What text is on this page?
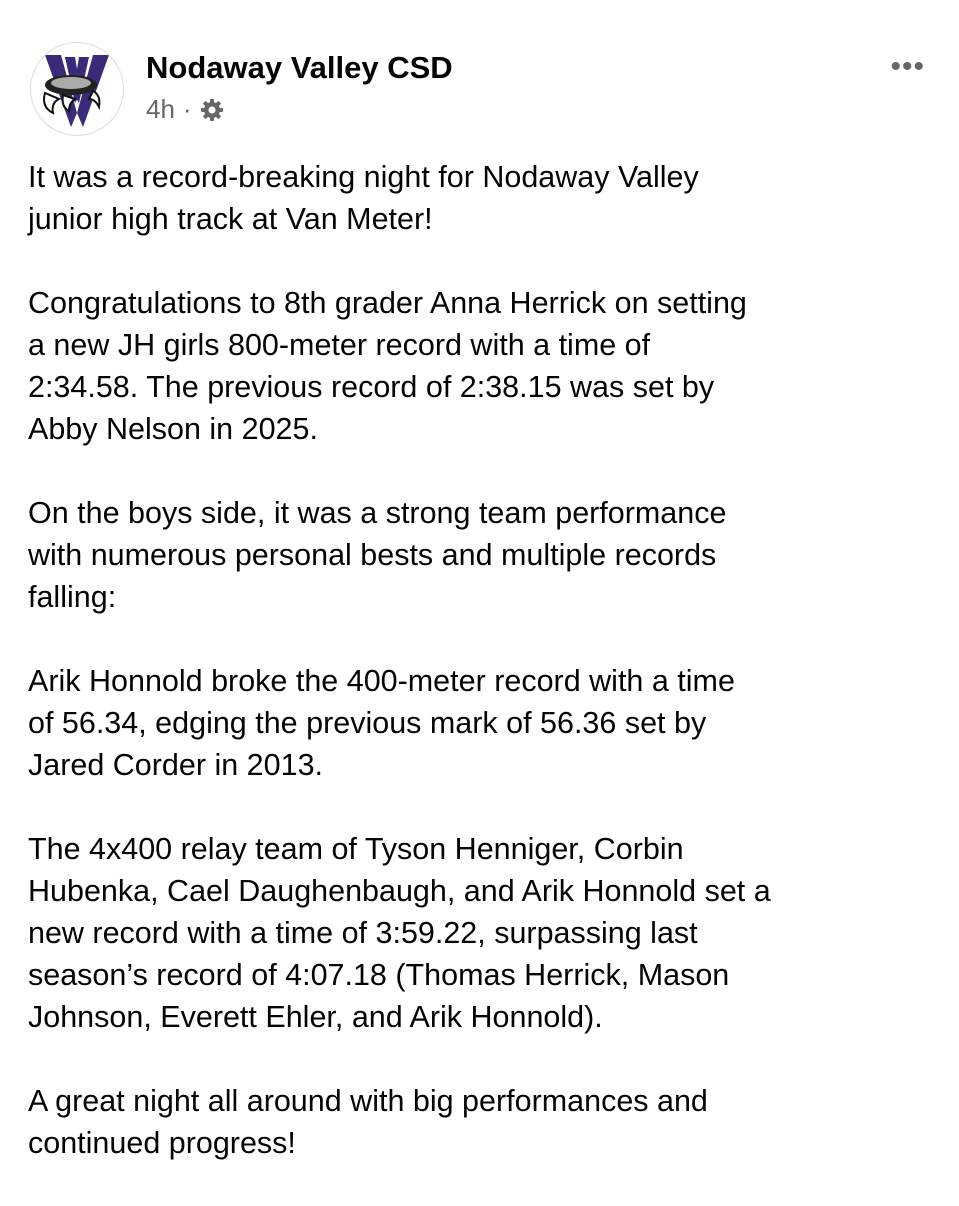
Nodaway Valley CSD
4h ·
•••

It was a record-breaking night for Nodaway Valley
junior high track at Van Meter!

Congratulations to 8th grader Anna Herrick on setting
a new JH girls 800-meter record with a time of
2:34.58. The previous record of 2:38.15 was set by
Abby Nelson in 2025.

On the boys side, it was a strong team performance
with numerous personal bests and multiple records
falling:

Arik Honnold broke the 400-meter record with a time
of 56.34, edging the previous mark of 56.36 set by
Jared Corder in 2013.

The 4x400 relay team of Tyson Henniger, Corbin
Hubenka, Cael Daughenbaugh, and Arik Honnold set a
new record with a time of 3:59.22, surpassing last
season’s record of 4:07.18 (Thomas Herrick, Mason
Johnson, Everett Ehler, and Arik Honnold).

A great night all around with big performances and
continued progress!
